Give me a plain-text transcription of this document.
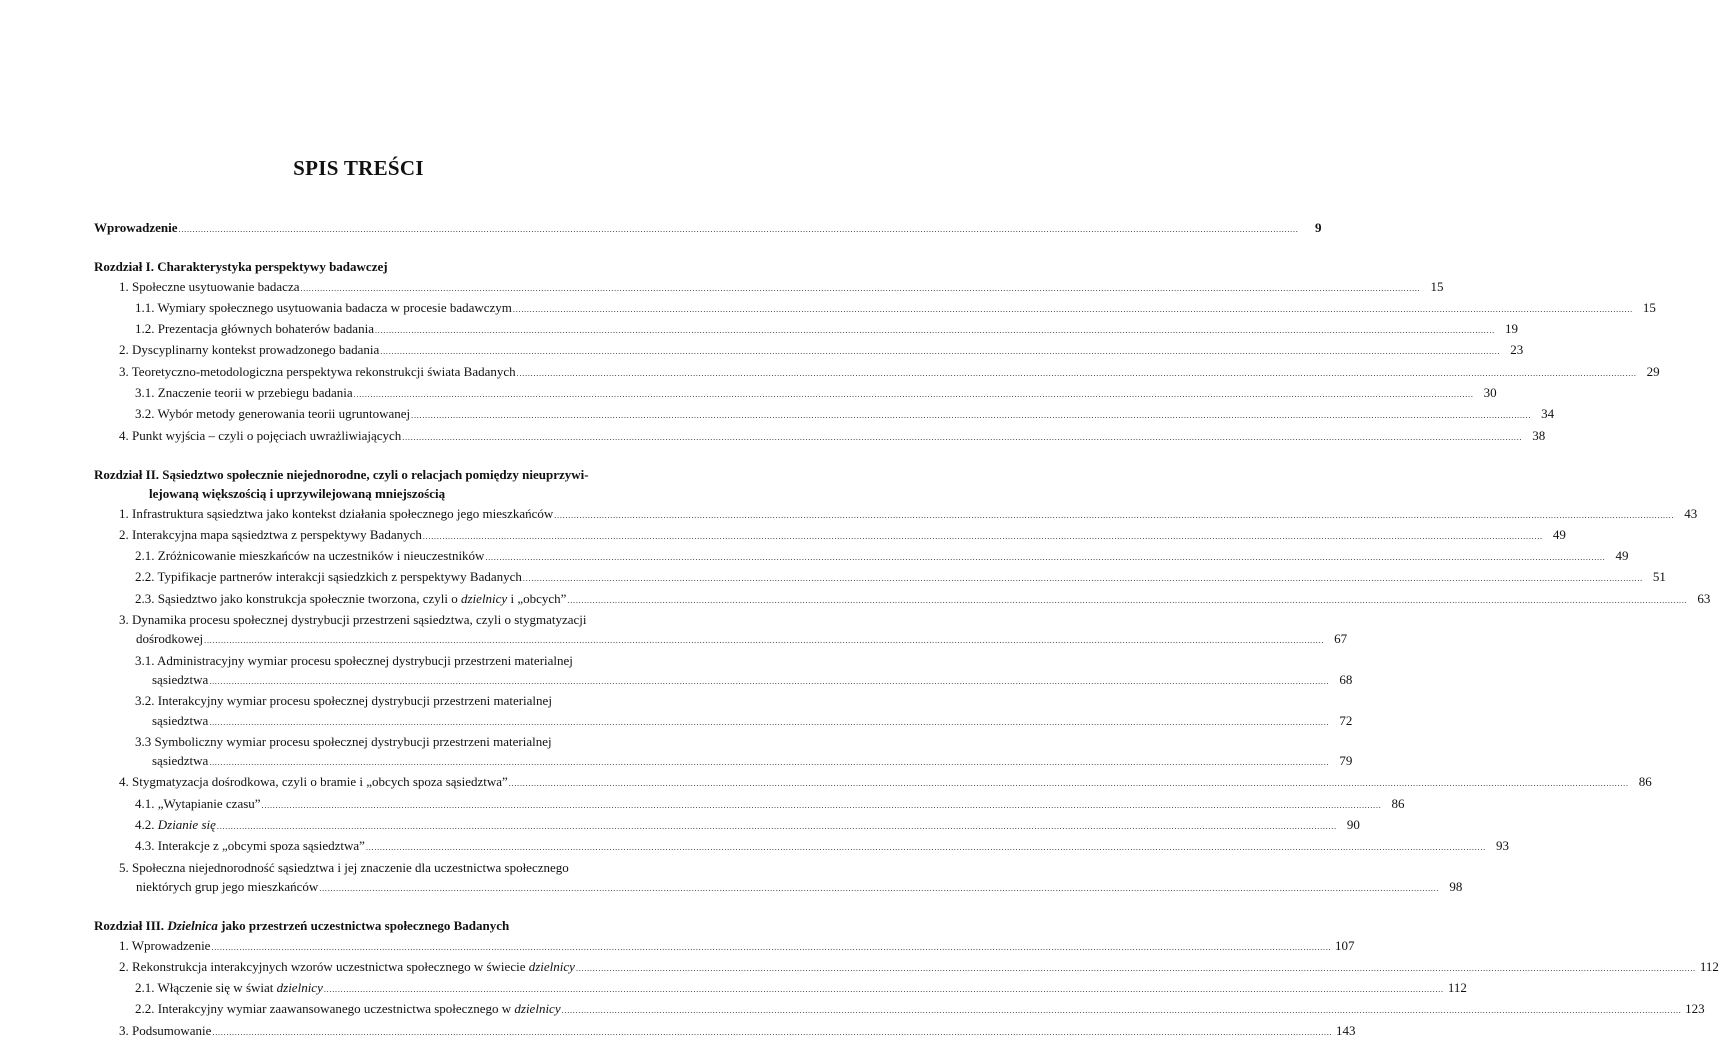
SPIS TREŚCI
Wprowadzenie ................................................................................................................................................................................................................................................................................................................................................................................................................	9
Rozdział I. Charakterystyka perspektywy badawczej
1. Społeczne usytuowanie badacza ................................................................................................................................................................................................................................................................................................................................................................................................................ 15
1.1. Wymiary społecznego usytuowania badacza w procesie badawczym ................................................................................................................................................................................................................................................................................................................................................................................................................ 15
1.2. Prezentacja głównych bohaterów badania ................................................................................................................................................................................................................................................................................................................................................................................................................ 19
2. Dyscyplinarny kontekst prowadzonego badania ................................................................................................................................................................................................................................................................................................................................................................................................................ 23
3. Teoretyczno-metodologiczna perspektywa rekonstrukcji świata Badanych ................................................................................................................................................................................................................................................................................................................................................................................................................ 29
3.1. Znaczenie teorii w przebiegu badania ................................................................................................................................................................................................................................................................................................................................................................................................................ 30
3.2. Wybór metody generowania teorii ugruntowanej ................................................................................................................................................................................................................................................................................................................................................................................................................ 34
4. Punkt wyjścia – czyli o pojęciach uwrażliwiających ................................................................................................................................................................................................................................................................................................................................................................................................................ 38
Rozdział II. Sąsiedztwo społecznie niejednorodne, czyli o relacjach pomiędzy nieuprzywi-
lejowaną większością i uprzywilejowaną mniejszością
1. Infrastruktura sąsiedztwa jako kontekst działania społecznego jego mieszkańców ................................................................................................................................................................................................................................................................................................................................................................................................................ 43
2. Interakcyjna mapa sąsiedztwa z perspektywy Badanych ................................................................................................................................................................................................................................................................................................................................................................................................................ 49
2.1. Zróżnicowanie mieszkańców na uczestników i nieuczestników ................................................................................................................................................................................................................................................................................................................................................................................................................ 49
2.2. Typifikacje partnerów interakcji sąsiedzkich z perspektywy Badanych ................................................................................................................................................................................................................................................................................................................................................................................................................ 51
2.3. Sąsiedztwo jako konstrukcja społecznie tworzona, czyli o dzielnicy i „obcych” ................................................................................................................................................................................................................................................................................................................................................................................................................ 63
3. Dynamika procesu społecznej dystrybucji przestrzeni sąsiedztwa, czyli o stygmatyzacji
dośrodkowej ................................................................................................................................................................................................................................................................................................................................................................................................................ 67
3.1. Administracyjny wymiar procesu społecznej dystrybucji przestrzeni materialnej
sąsiedztwa ................................................................................................................................................................................................................................................................................................................................................................................................................ 68
3.2. Interakcyjny wymiar procesu społecznej dystrybucji przestrzeni materialnej
sąsiedztwa ................................................................................................................................................................................................................................................................................................................................................................................................................ 72
3.3 Symboliczny wymiar procesu społecznej dystrybucji przestrzeni materialnej
sąsiedztwa ................................................................................................................................................................................................................................................................................................................................................................................................................ 79
4. Stygmatyzacja dośrodkowa, czyli o bramie i „obcych spoza sąsiedztwa” ................................................................................................................................................................................................................................................................................................................................................................................................................ 86
4.1. „Wytapianie czasu” ................................................................................................................................................................................................................................................................................................................................................................................................................ 86
4.2. Dzianie się ................................................................................................................................................................................................................................................................................................................................................................................................................ 90
4.3. Interakcje z „obcymi spoza sąsiedztwa” ................................................................................................................................................................................................................................................................................................................................................................................................................ 93
5. Społeczna niejednorodność sąsiedztwa i jej znaczenie dla uczestnictwa społecznego
niektórych grup jego mieszkańców ................................................................................................................................................................................................................................................................................................................................................................................................................ 98
Rozdział III. Dzielnica jako przestrzeń uczestnictwa społecznego Badanych
1. Wprowadzenie ................................................................................................................................................................................................................................................................................................................................................................................................................ 107
2. Rekonstrukcja interakcyjnych wzorów uczestnictwa społecznego w świecie dzielnicy ................................................................................................................................................................................................................................................................................................................................................................................................................ 112
2.1. Włączenie się w świat dzielnicy ................................................................................................................................................................................................................................................................................................................................................................................................................ 112
2.2. Interakcyjny wymiar zaawansowanego uczestnictwa społecznego w dzielnicy ................................................................................................................................................................................................................................................................................................................................................................................................................ 123
3. Podsumowanie ................................................................................................................................................................................................................................................................................................................................................................................................................ 143
